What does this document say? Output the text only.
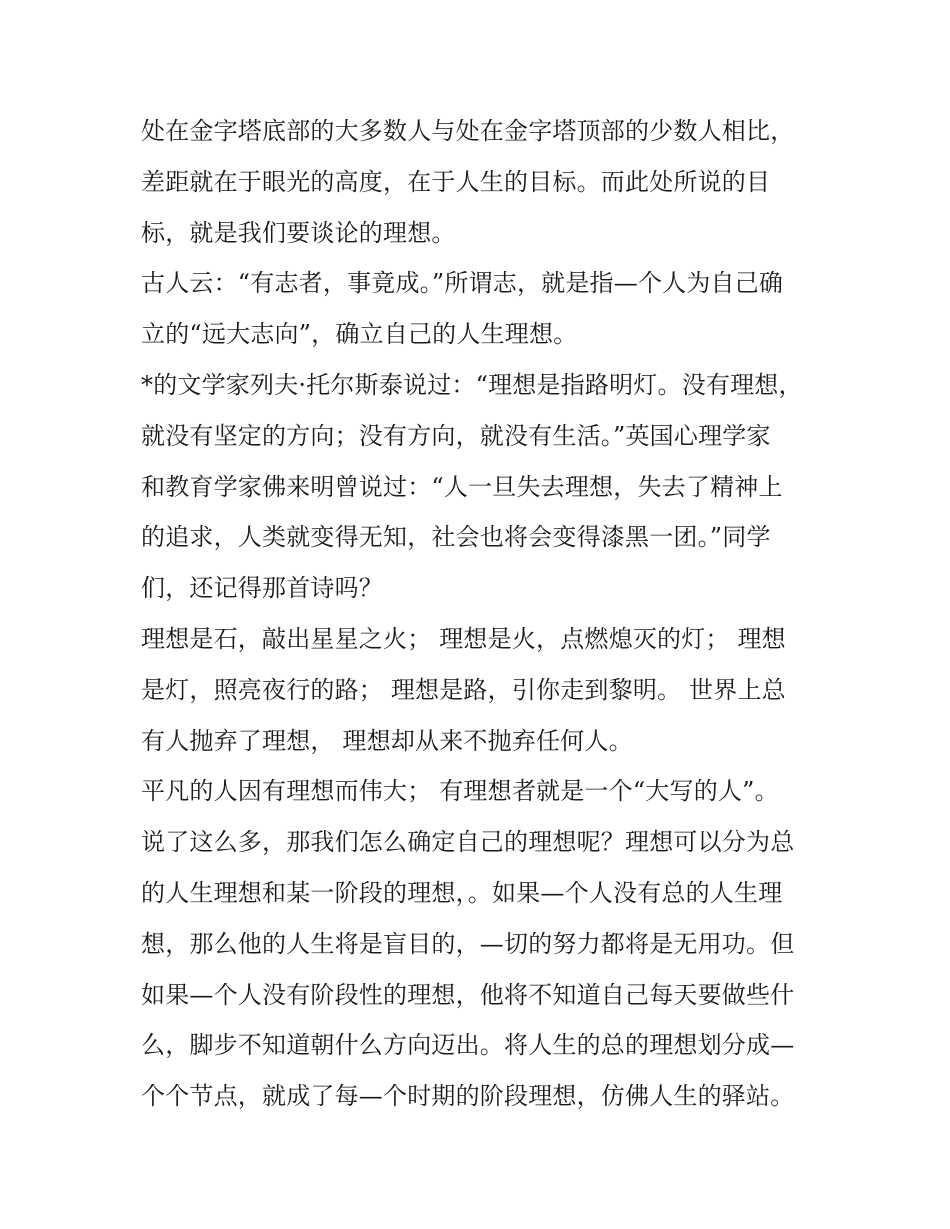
处在金字塔底部的大多数人与处在金字塔顶部的少数人相比，
差距就在于眼光的高度，在于人生的目标。而此处所说的目
标，就是我们要谈论的理想。
古人云：“有志者，事竟成。”所谓志，就是指—个人为自己确
立的“远大志向”，确立自己的人生理想。
*的文学家列夫·托尔斯泰说过：“理想是指路明灯。没有理想，
就没有坚定的方向；没有方向，就没有生活。”英国心理学家
和教育学家佛来明曾说过：“人一旦失去理想，失去了精神上
的追求，人类就变得无知，社会也将会变得漆黑一团。”同学
们，还记得那首诗吗？
理想是石，敲出星星之火； 理想是火，点燃熄灭的灯； 理想
是灯，照亮夜行的路； 理想是路，引你走到黎明。 世界上总
有人抛弃了理想， 理想却从来不抛弃任何人。
平凡的人因有理想而伟大； 有理想者就是一个“大写的人”。
说了这么多，那我们怎么确定自己的理想呢？理想可以分为总
的人生理想和某一阶段的理想，。如果—个人没有总的人生理
想，那么他的人生将是盲目的，—切的努力都将是无用功。但
如果—个人没有阶段性的理想，他将不知道自己每天要做些什
么，脚步不知道朝什么方向迈出。将人生的总的理想划分成—
个个节点，就成了每—个时期的阶段理想，仿佛人生的驿站。
